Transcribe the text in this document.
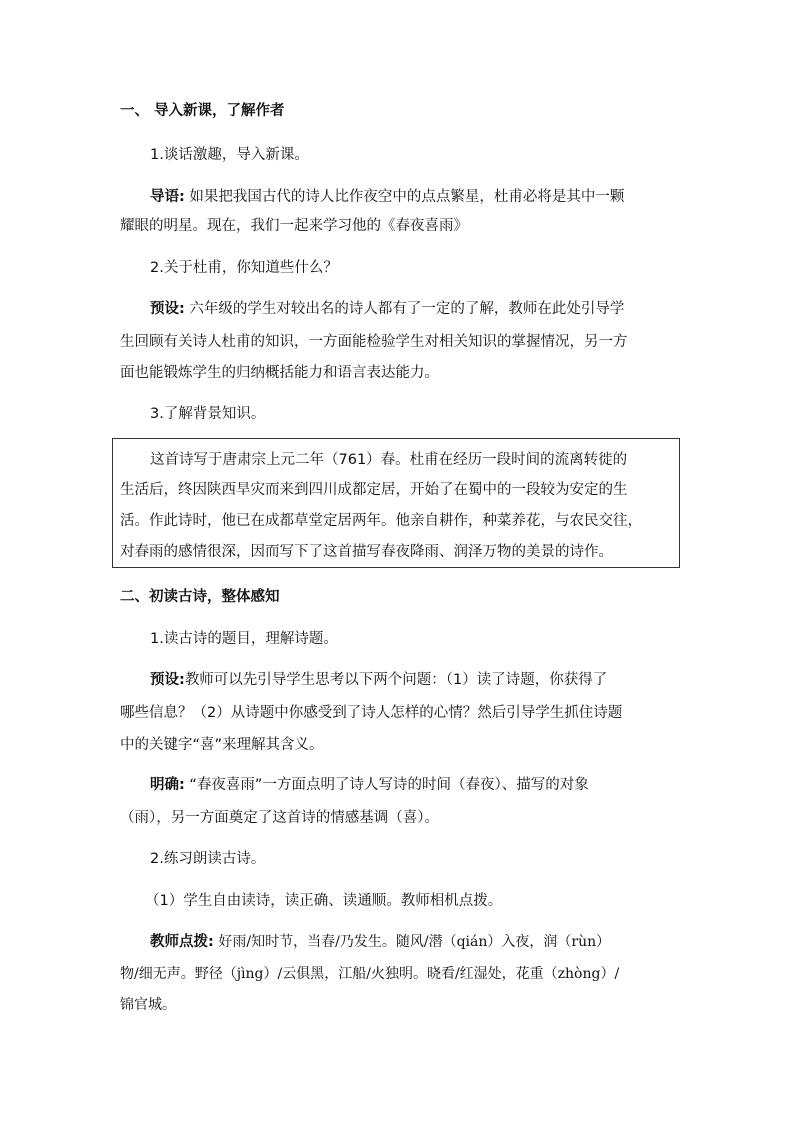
一、 导入新课，了解作者
1.谈话激趣，导入新课。
导语: 如果把我国古代的诗人比作夜空中的点点繁星，杜甫必将是其中一颗
耀眼的明星。现在，我们一起来学习他的《春夜喜雨》
2.关于杜甫，你知道些什么？
预设: 六年级的学生对较出名的诗人都有了一定的了解，教师在此处引导学
生回顾有关诗人杜甫的知识，一方面能检验学生对相关知识的掌握情况，另一方
面也能锻炼学生的归纳概括能力和语言表达能力。
3.了解背景知识。
这首诗写于唐肃宗上元二年（761）春。杜甫在经历一段时间的流离转徙的
生活后，终因陕西旱灾而来到四川成都定居，开始了在蜀中的一段较为安定的生
活。作此诗时，他已在成都草堂定居两年。他亲自耕作，种菜养花，与农民交往，
对春雨的感情很深，因而写下了这首描写春夜降雨、润泽万物的美景的诗作。
二、初读古诗，整体感知
1.读古诗的题目，理解诗题。
预设:教师可以先引导学生思考以下两个问题：（1）读了诗题，你获得了
哪些信息？（2）从诗题中你感受到了诗人怎样的心情？然后引导学生抓住诗题
中的关键字“喜”来理解其含义。
明确: “春夜喜雨”一方面点明了诗人写诗的时间（春夜）、描写的对象
（雨），另一方面奠定了这首诗的情感基调（喜）。
2.练习朗读古诗。
（1）学生自由读诗，读正确、读通顺。教师相机点拨。
教师点拨: 好雨/知时节，当春/乃发生。随风/潜（qián）入夜，润（rùn）
物/细无声。野径（jìng）/云俱黑，江船/火独明。晓看/红湿处，花重（zhòng）/
锦官城。
